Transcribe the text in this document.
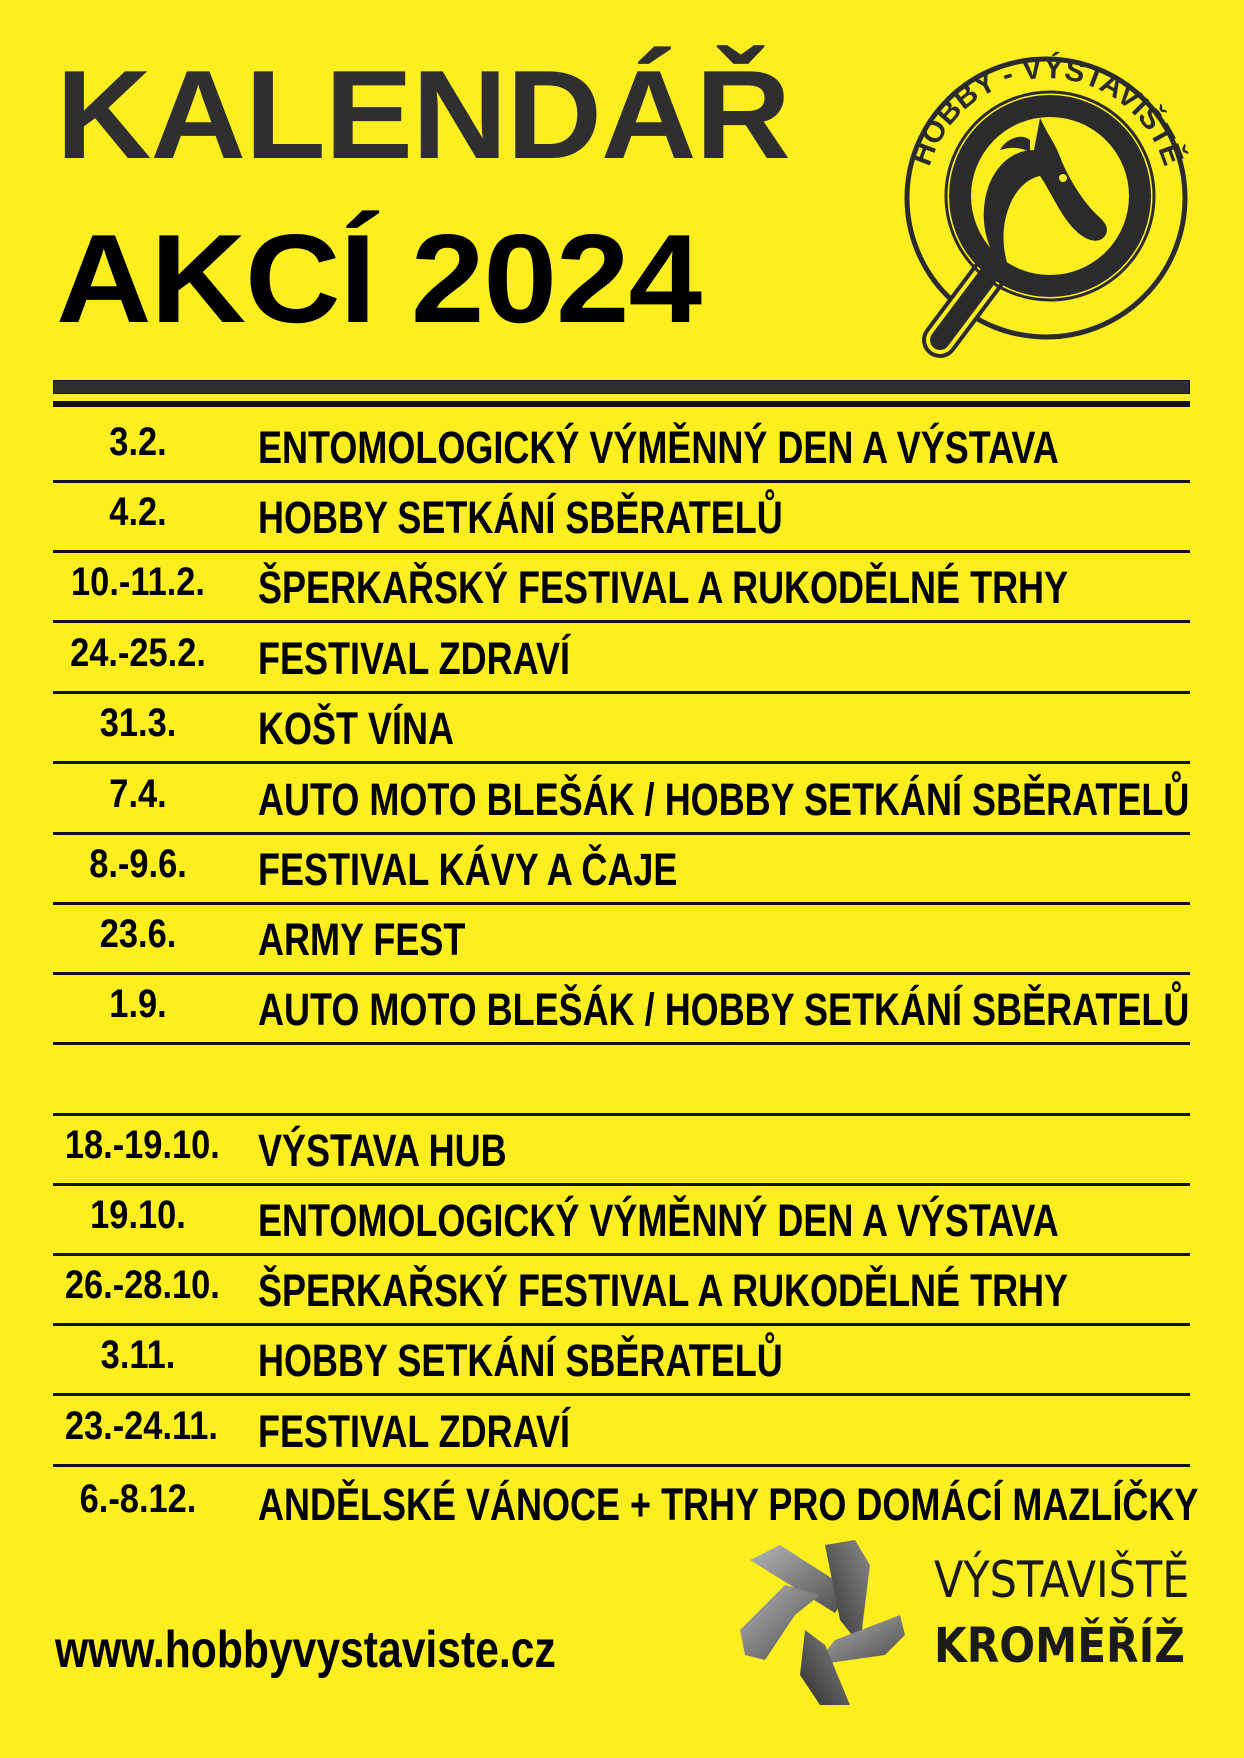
KALENDÁŘ
AKCÍ 2024
HOBBY - VÝSTAVIŠTĚ
3.2.	ENTOMOLOGICKÝ VÝMĚNNÝ DEN A VÝSTAVA
4.2.	HOBBY SETKÁNÍ SBĚRATELŮ
10.-11.2. ŠPERKAŘSKÝ FESTIVAL A RUKODĚLNÉ TRHY
24.-25.2. FESTIVAL ZDRAVÍ
31.3.	KOŠT VÍNA
7.4.	AUTO MOTO BLEŠÁK / HOBBY SETKÁNÍ SBĚRATELŮ
8.-9.6.	FESTIVAL KÁVY A ČAJE
23.6.	ARMY FEST
1.9.	AUTO MOTO BLEŠÁK / HOBBY SETKÁNÍ SBĚRATELŮ
18.-19.10. VÝSTAVA HUB
19.10.	ENTOMOLOGICKÝ VÝMĚNNÝ DEN A VÝSTAVA
26.-28.10. ŠPERKAŘSKÝ FESTIVAL A RUKODĚLNÉ TRHY
3.11.	HOBBY SETKÁNÍ SBĚRATELŮ
23.-24.11. FESTIVAL ZDRAVÍ
6.-8.12.	ANDĚLSKÉ VÁNOCE + TRHY PRO DOMÁCÍ MAZLÍČKY
www.hobbyvystaviste.cz
VÝSTAVIŠTĚ
KROMĚŘÍŽ
